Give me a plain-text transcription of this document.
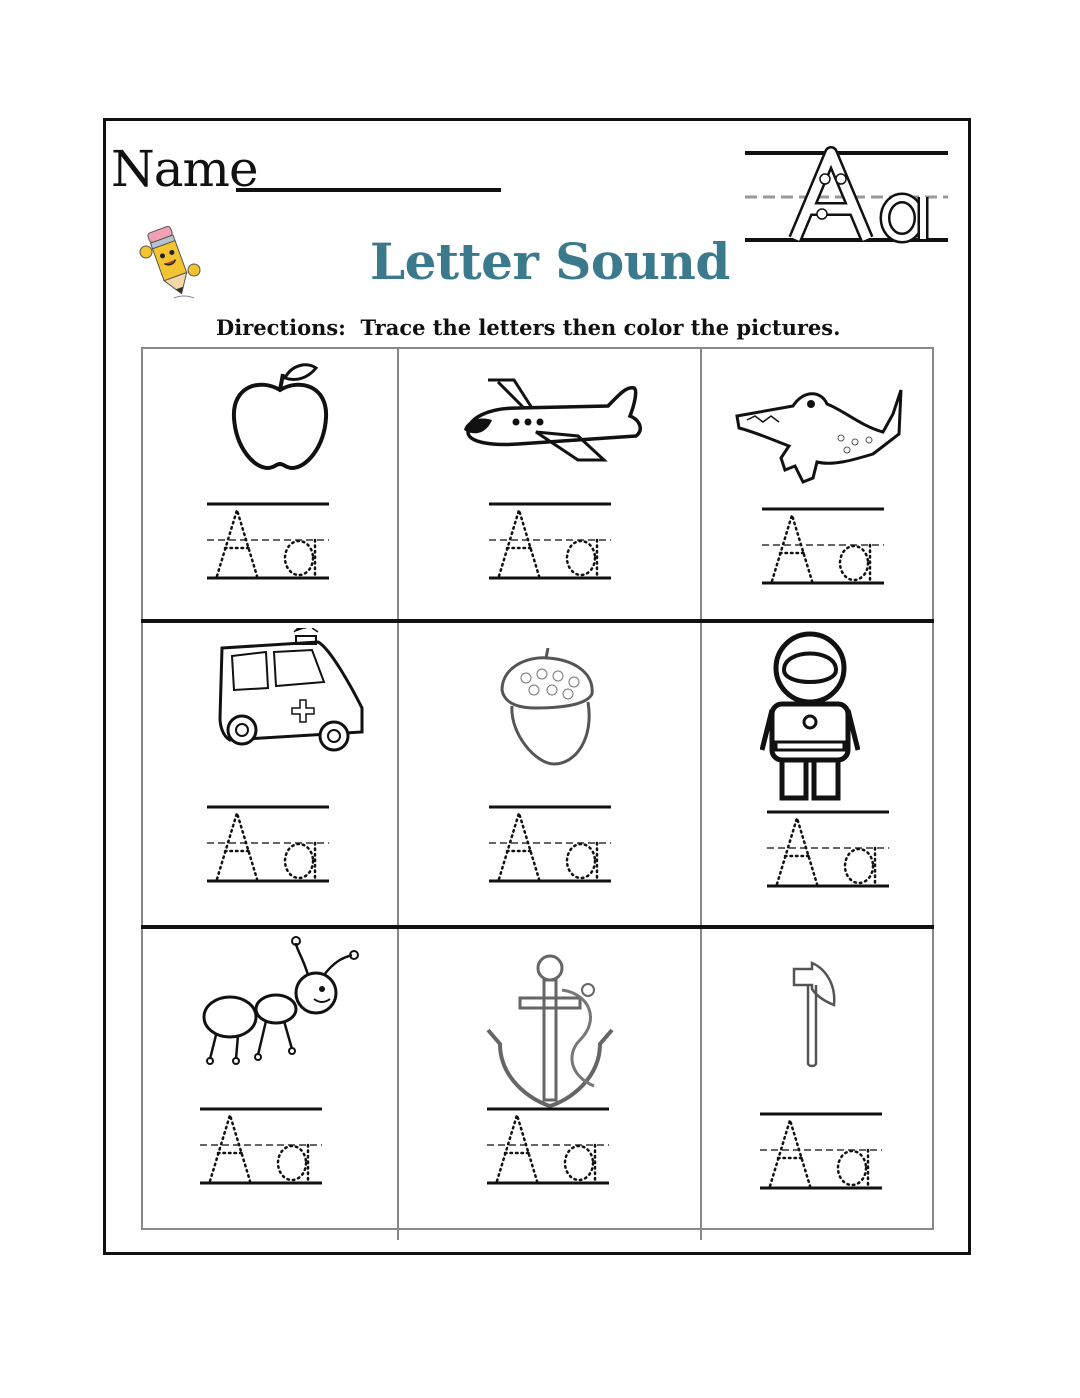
Name
Letter Sound
Directions:  Trace the letters then color the pictures.
